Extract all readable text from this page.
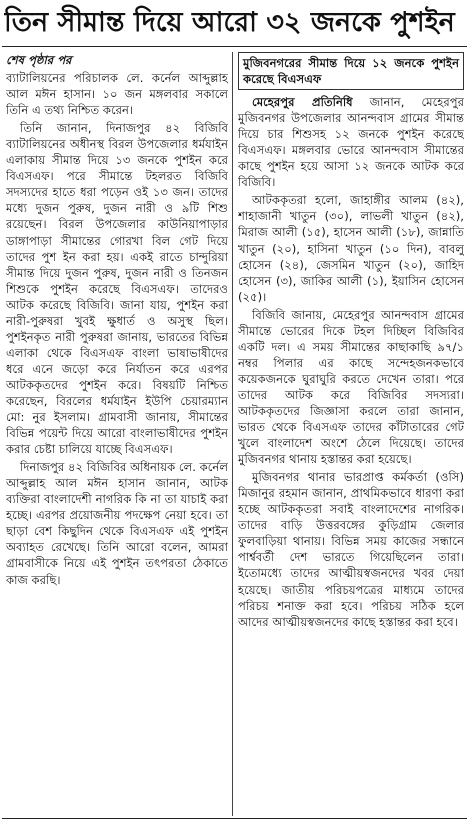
তিন সীমান্ত দিয়ে আরো ৩২ জনকে পুশইন

শেষ পৃষ্ঠার পর

ব্যাটালিয়নের পরিচালক লে. কর্নেল আব্দুল্লাহ আল মঈন হাসান। ১০ জন মঙ্গলবার সকালে তিনি এ তথ্য নিশ্চিত করেন।

তিনি জানান, দিনাজপুর ৪২ বিজিবি ব্যাটালিয়নের অধীনস্থ বিরল উপজেলার ধর্মযাইন এলাকায় সীমান্ত দিয়ে ১৩ জনকে পুশইন করে বিএসএফ। পরে সীমান্তে টহলরত বিজিবি সদস্যদের হাতে ধরা পড়েন ওই ১৩ জন। তাদের মধ্যে দুজন পুরুষ, দুজন নারী ও ৯টি শিশু রয়েছেন। বিরল উপজেলার কাউনিয়াপাড়ার ডাঙ্গাপাড়া সীমান্তের গোরখা বিল গেট দিয়ে তাদের পুশ ইন করা হয়। একই রাতে চান্দুরিয়া সীমান্ত দিয়ে দুজন পুরুষ, দুজন নারী ও তিনজন শিশুকে পুশইন করেছে বিএসএফ। তাদেরও আটক করেছে বিজিবি। জানা যায়, পুশইন করা নারী-পুরুষরা খুবই ক্ষুধার্ত ও অসুস্থ ছিল। পুশইনকৃত নারী পুরুষরা জানায়, ভারতের বিভিন্ন এলাকা থেকে বিএসএফ বাংলা ভাষাভাষীদের ধরে এনে জড়ো করে নির্যাতন করে এরপর আটককৃতদের পুশইন করে। বিষয়টি নিশ্চিত করেছেন, বিরলের ধর্মযাইন ইউপি চেয়ারম্যান মো: নুর ইসলাম। গ্রামবাসী জানায়, সীমান্তের বিভিন্ন পয়েন্ট দিয়ে আরো বাংলাভাষীদের পুশইন করার চেষ্টা চালিয়ে যাচ্ছে বিএসএফ।

দিনাজপুর ৪২ বিজিবির অধিনায়ক লে. কর্নেল আব্দুল্লাহ আল মঈন হাসান জানান, আটক ব্যক্তিরা বাংলাদেশী নাগরিক কি না তা যাচাই করা হচ্ছে। এরপর প্রয়োজনীয় পদক্ষেপ নেয়া হবে। তা ছাড়া বেশ কিছুদিন থেকে বিএসএফ এই পুশইন অব্যাহত রেখেছে। তিনি আরো বলেন, আমরা গ্রামবাসীকে নিয়ে এই পুশইন তৎপরতা ঠেকাতে কাজ করছি।

মুজিবনগরের সীমান্ত দিয়ে ১২ জনকে পুশইন করেছে বিএসএফ

মেহেরপুর প্রতিনিধি জানান, মেহেরপুর মুজিবনগর উপজেলার আনন্দবাস গ্রামের সীমান্ত দিয়ে চার শিশুসহ ১২ জনকে পুশইন করেছে বিএসএফ। মঙ্গলবার ভোরে আনন্দবাস সীমান্তের কাছে পুশইন হয়ে আসা ১২ জনকে আটক করে বিজিবি।

আটককৃতরা হলো, জাহাঙ্গীর আলম (৪২), শাহাজানী খাতুন (৩০), লাভলী খাতুন (৪২), মিরাজ আলী (১৫), হাসেন আলী (১৮), জান্নাতি খাতুন (২০), হাসিনা খাতুন (১০ দিন), বাবলু হোসেন (২৪), জেসমিন খাতুন (২০), জাহিদ হোসেন (৩), জাকির আলী (১), ইয়াসিন হোসেন (২৫)।

বিজিবি জানায়, মেহেরপুর আনন্দবাস গ্রামের সীমান্তে ভোরের দিকে টহল দিচ্ছিল বিজিবির একটি দল। এ সময় সীমান্তের কাছাকাছি ৯৭/১ নম্বর পিলার এর কাছে সন্দেহজনকভাবে কয়েকজনকে ঘুরাঘুরি করতে দেখেন তারা। পরে তাদের আটক করে বিজিবির সদস্যরা। আটককৃতদের জিজ্ঞাসা করলে তারা জানান, ভারত থেকে বিএসএফ তাদের কাঁটাতারের গেট খুলে বাংলাদেশ অংশে ঠেলে দিয়েছে। তাদের মুজিবনগর থানায় হস্তান্তর করা হয়েছে।

মুজিবনগর থানার ভারপ্রাপ্ত কর্মকর্তা (ওসি) মিজানুর রহমান জানান, প্রাথমিকভাবে ধারণা করা হচ্ছে আটককৃতরা সবাই বাংলাদেশের নাগরিক। তাদের বাড়ি উত্তরবঙ্গের কুড়িগ্রাম জেলার ফুলবাড়িয়া থানায়। বিভিন্ন সময় কাজের সন্ধানে পার্শ্ববর্তী দেশ ভারতে গিয়েছিলেন তারা। ইতোমধ্যে তাদের আত্মীয়স্বজনদের খবর দেয়া হয়েছে। জাতীয় পরিচয়পত্রের মাধ্যমে তাদের পরিচয় শনাক্ত করা হবে। পরিচয় সঠিক হলে আদের আত্মীয়স্বজনদের কাছে হস্তান্তর করা হবে।
